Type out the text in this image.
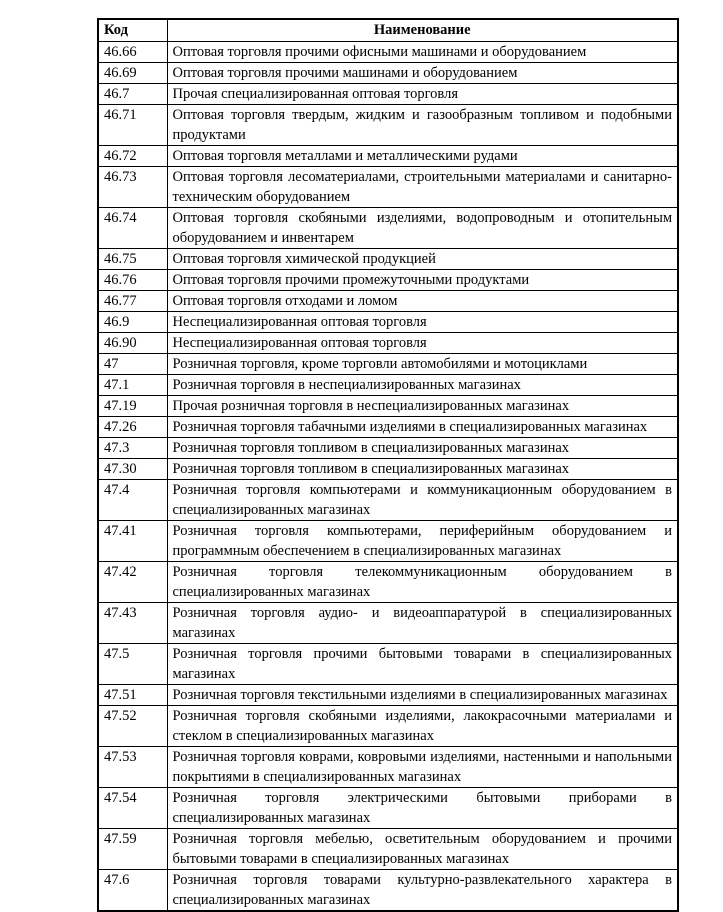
Код	Наименование
46.66	Оптовая торговля прочими офисными машинами и оборудованием
46.69	Оптовая торговля прочими машинами и оборудованием
46.7	Прочая специализированная оптовая торговля
46.71	Оптовая торговля твердым, жидким и газообразным топливом и подобными продуктами
46.72	Оптовая торговля металлами и металлическими рудами
46.73	Оптовая торговля лесоматериалами, строительными материалами и санитарно-техническим оборудованием
46.74	Оптовая торговля скобяными изделиями, водопроводным и отопительным оборудованием и инвентарем
46.75	Оптовая торговля химической продукцией
46.76	Оптовая торговля прочими промежуточными продуктами
46.77	Оптовая торговля отходами и ломом
46.9	Неспециализированная оптовая торговля
46.90	Неспециализированная оптовая торговля
47	Розничная торговля, кроме торговли автомобилями и мотоциклами
47.1	Розничная торговля в неспециализированных магазинах
47.19	Прочая розничная торговля в неспециализированных магазинах
47.26	Розничная торговля табачными изделиями в специализированных магазинах
47.3	Розничная торговля топливом в специализированных магазинах
47.30	Розничная торговля топливом в специализированных магазинах
47.4	Розничная торговля компьютерами и коммуникационным оборудованием в специализированных магазинах
47.41	Розничная торговля компьютерами, периферийным оборудованием и программным обеспечением в специализированных магазинах
47.42	Розничная торговля телекоммуникационным оборудованием в специализированных магазинах
47.43	Розничная торговля аудио- и видеоаппаратурой в специализированных магазинах
47.5	Розничная торговля прочими бытовыми товарами в специализированных магазинах
47.51	Розничная торговля текстильными изделиями в специализированных магазинах
47.52	Розничная торговля скобяными изделиями, лакокрасочными материалами и стеклом в специализированных магазинах
47.53	Розничная торговля коврами, ковровыми изделиями, настенными и напольными покрытиями в специализированных магазинах
47.54	Розничная торговля электрическими бытовыми приборами в специализированных магазинах
47.59	Розничная торговля мебелью, осветительным оборудованием и прочими бытовыми товарами в специализированных магазинах
47.6	Розничная торговля товарами культурно-развлекательного характера в специализированных магазинах
